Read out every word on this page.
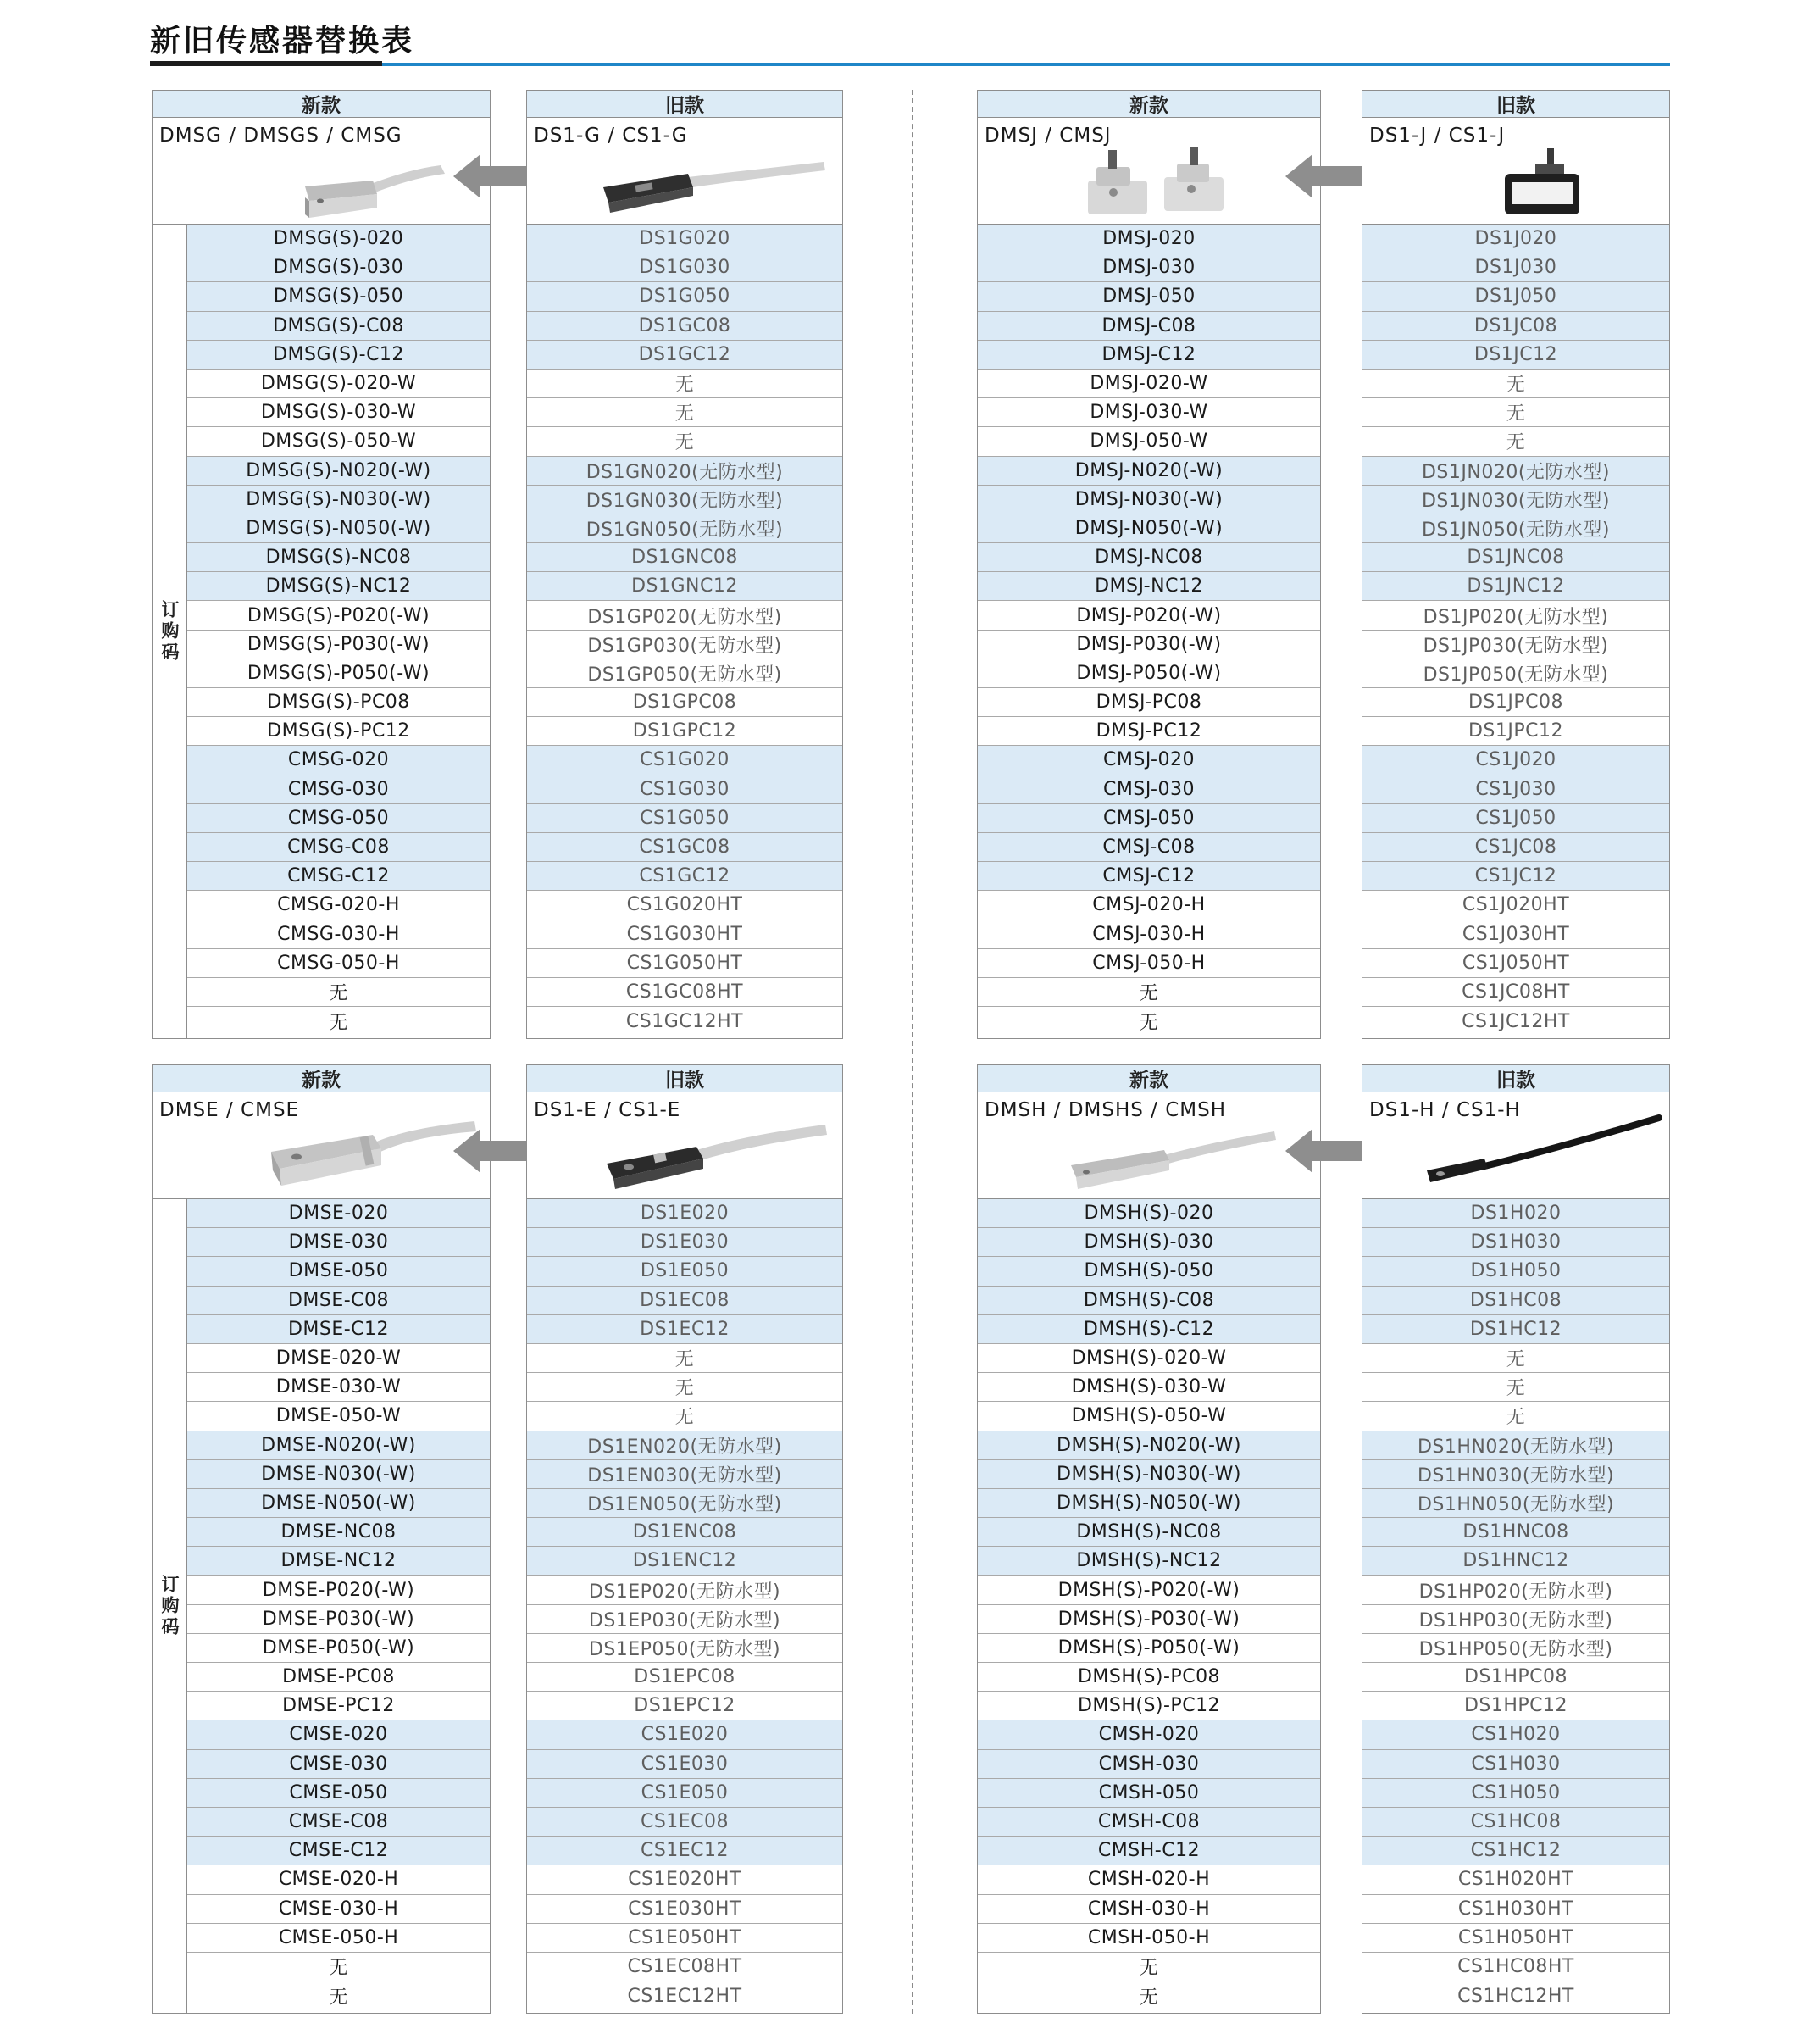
新旧传感器替换表
新款
DMSG / DMSGS / CMSG
订购码
DMSG(S)-020
DMSG(S)-030
DMSG(S)-050
DMSG(S)-C08
DMSG(S)-C12
DMSG(S)-020-W
DMSG(S)-030-W
DMSG(S)-050-W
DMSG(S)-N020(-W)
DMSG(S)-N030(-W)
DMSG(S)-N050(-W)
DMSG(S)-NC08
DMSG(S)-NC12
DMSG(S)-P020(-W)
DMSG(S)-P030(-W)
DMSG(S)-P050(-W)
DMSG(S)-PC08
DMSG(S)-PC12
CMSG-020
CMSG-030
CMSG-050
CMSG-C08
CMSG-C12
CMSG-020-H
CMSG-030-H
CMSG-050-H
无
无
旧款
DS1-G / CS1-G
DS1G020
DS1G030
DS1G050
DS1GC08
DS1GC12
无
无
无
DS1GN020(无防水型)
DS1GN030(无防水型)
DS1GN050(无防水型)
DS1GNC08
DS1GNC12
DS1GP020(无防水型)
DS1GP030(无防水型)
DS1GP050(无防水型)
DS1GPC08
DS1GPC12
CS1G020
CS1G030
CS1G050
CS1GC08
CS1GC12
CS1G020HT
CS1G030HT
CS1G050HT
CS1GC08HT
CS1GC12HT
新款
DMSJ / CMSJ
DMSJ-020
DMSJ-030
DMSJ-050
DMSJ-C08
DMSJ-C12
DMSJ-020-W
DMSJ-030-W
DMSJ-050-W
DMSJ-N020(-W)
DMSJ-N030(-W)
DMSJ-N050(-W)
DMSJ-NC08
DMSJ-NC12
DMSJ-P020(-W)
DMSJ-P030(-W)
DMSJ-P050(-W)
DMSJ-PC08
DMSJ-PC12
CMSJ-020
CMSJ-030
CMSJ-050
CMSJ-C08
CMSJ-C12
CMSJ-020-H
CMSJ-030-H
CMSJ-050-H
无
无
旧款
DS1-J / CS1-J
DS1J020
DS1J030
DS1J050
DS1JC08
DS1JC12
无
无
无
DS1JN020(无防水型)
DS1JN030(无防水型)
DS1JN050(无防水型)
DS1JNC08
DS1JNC12
DS1JP020(无防水型)
DS1JP030(无防水型)
DS1JP050(无防水型)
DS1JPC08
DS1JPC12
CS1J020
CS1J030
CS1J050
CS1JC08
CS1JC12
CS1J020HT
CS1J030HT
CS1J050HT
CS1JC08HT
CS1JC12HT
新款
DMSE / CMSE
订购码
DMSE-020
DMSE-030
DMSE-050
DMSE-C08
DMSE-C12
DMSE-020-W
DMSE-030-W
DMSE-050-W
DMSE-N020(-W)
DMSE-N030(-W)
DMSE-N050(-W)
DMSE-NC08
DMSE-NC12
DMSE-P020(-W)
DMSE-P030(-W)
DMSE-P050(-W)
DMSE-PC08
DMSE-PC12
CMSE-020
CMSE-030
CMSE-050
CMSE-C08
CMSE-C12
CMSE-020-H
CMSE-030-H
CMSE-050-H
无
无
旧款
DS1-E / CS1-E
DS1E020
DS1E030
DS1E050
DS1EC08
DS1EC12
无
无
无
DS1EN020(无防水型)
DS1EN030(无防水型)
DS1EN050(无防水型)
DS1ENC08
DS1ENC12
DS1EP020(无防水型)
DS1EP030(无防水型)
DS1EP050(无防水型)
DS1EPC08
DS1EPC12
CS1E020
CS1E030
CS1E050
CS1EC08
CS1EC12
CS1E020HT
CS1E030HT
CS1E050HT
CS1EC08HT
CS1EC12HT
新款
DMSH / DMSHS / CMSH
DMSH(S)-020
DMSH(S)-030
DMSH(S)-050
DMSH(S)-C08
DMSH(S)-C12
DMSH(S)-020-W
DMSH(S)-030-W
DMSH(S)-050-W
DMSH(S)-N020(-W)
DMSH(S)-N030(-W)
DMSH(S)-N050(-W)
DMSH(S)-NC08
DMSH(S)-NC12
DMSH(S)-P020(-W)
DMSH(S)-P030(-W)
DMSH(S)-P050(-W)
DMSH(S)-PC08
DMSH(S)-PC12
CMSH-020
CMSH-030
CMSH-050
CMSH-C08
CMSH-C12
CMSH-020-H
CMSH-030-H
CMSH-050-H
无
无
旧款
DS1-H / CS1-H
DS1H020
DS1H030
DS1H050
DS1HC08
DS1HC12
无
无
无
DS1HN020(无防水型)
DS1HN030(无防水型)
DS1HN050(无防水型)
DS1HNC08
DS1HNC12
DS1HP020(无防水型)
DS1HP030(无防水型)
DS1HP050(无防水型)
DS1HPC08
DS1HPC12
CS1H020
CS1H030
CS1H050
CS1HC08
CS1HC12
CS1H020HT
CS1H030HT
CS1H050HT
CS1HC08HT
CS1HC12HT
